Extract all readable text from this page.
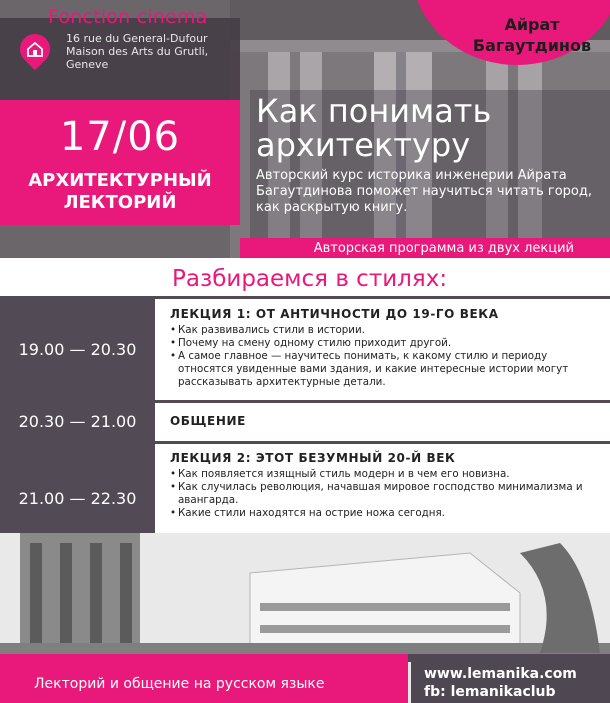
Fonction cinema
16 rue du General-Dufour
Maison des Arts du Grutli,
Geneve
17/06
АРХИТЕКТУРНЫЙ
ЛЕКТОРИЙ
Как понимать
архитектуру
Авторский курс историка инженерии Айрата Багаутдинова поможет научиться читать город, как раскрытую книгу.
Айрат
Багаутдинов
Авторская программа из двух лекций
Разбираемся в стилях:
19.00 — 20.30
ЛЕКЦИЯ 1: ОТ АНТИЧНОСТИ ДО 19-ГО ВЕКА
• Как развивались стили в истории.
• Почему на смену одному стилю приходит другой.
• А самое главное — научитесь понимать, к какому стилю и периоду относятся увиденные вами здания, и какие интересные истории могут рассказывать архитектурные детали.
20.30 — 21.00	ОБЩЕНИЕ
21.00 — 22.30
ЛЕКЦИЯ 2: ЭТОТ БЕЗУМНЫЙ 20-Й ВЕК
• Как появляется изящный стиль модерн и в чем его новизна.
• Как случилась революция, начавшая мировое господство минимализма и авангарда.
• Какие стили находятся на острие ножа сегодня.
Лекторий и общение на русском языке
www.lemanika.com
fb: lemanikaclub
